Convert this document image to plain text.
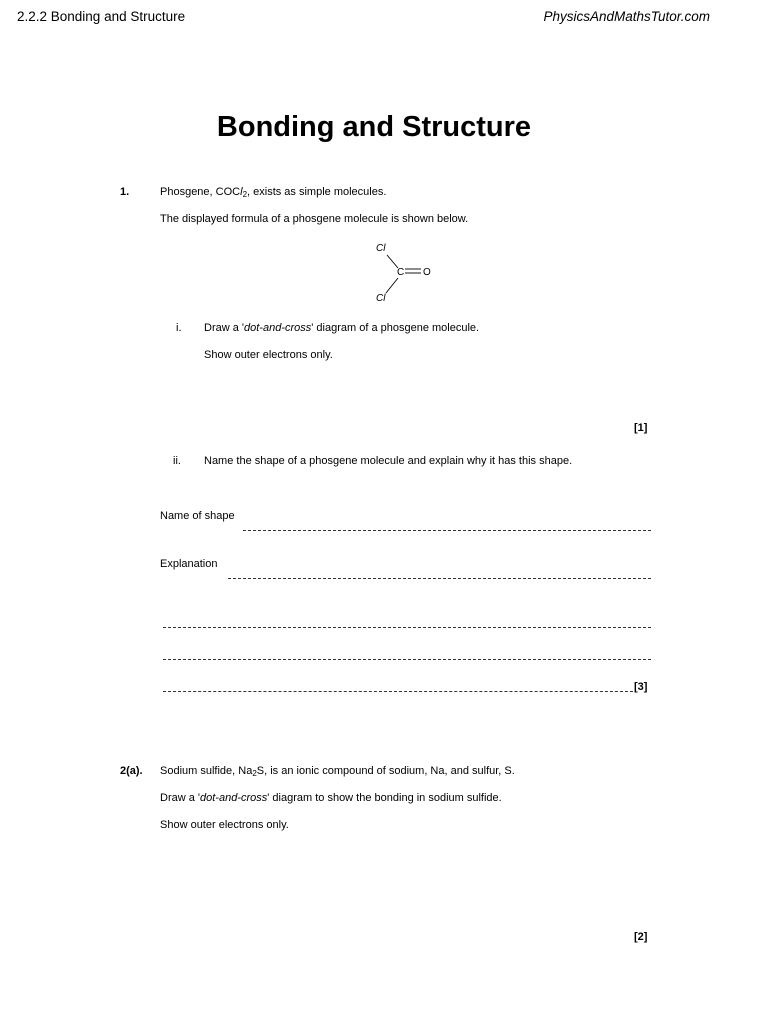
2.2.2 Bonding and Structure	PhysicsAndMathsTutor.com
Bonding and Structure
1.	Phosgene, COCl$_2$, exists as simple molecules.
The displayed formula of a phosgene molecule is shown below.
Cl
C O
Cl
i. Draw a 'dot-and-cross' diagram of a phosgene molecule.
Show outer electrons only.
[1]
ii. Name the shape of a phosgene molecule and explain why it has this shape.
Name of shape
Explanation
[3]
2(a). Sodium sulfide, $Na_2S$, is an ionic compound of sodium, Na, and sulfur, S.
Draw a 'dot-and-cross' diagram to show the bonding in sodium sulfide.
Show outer electrons only.
[2]
